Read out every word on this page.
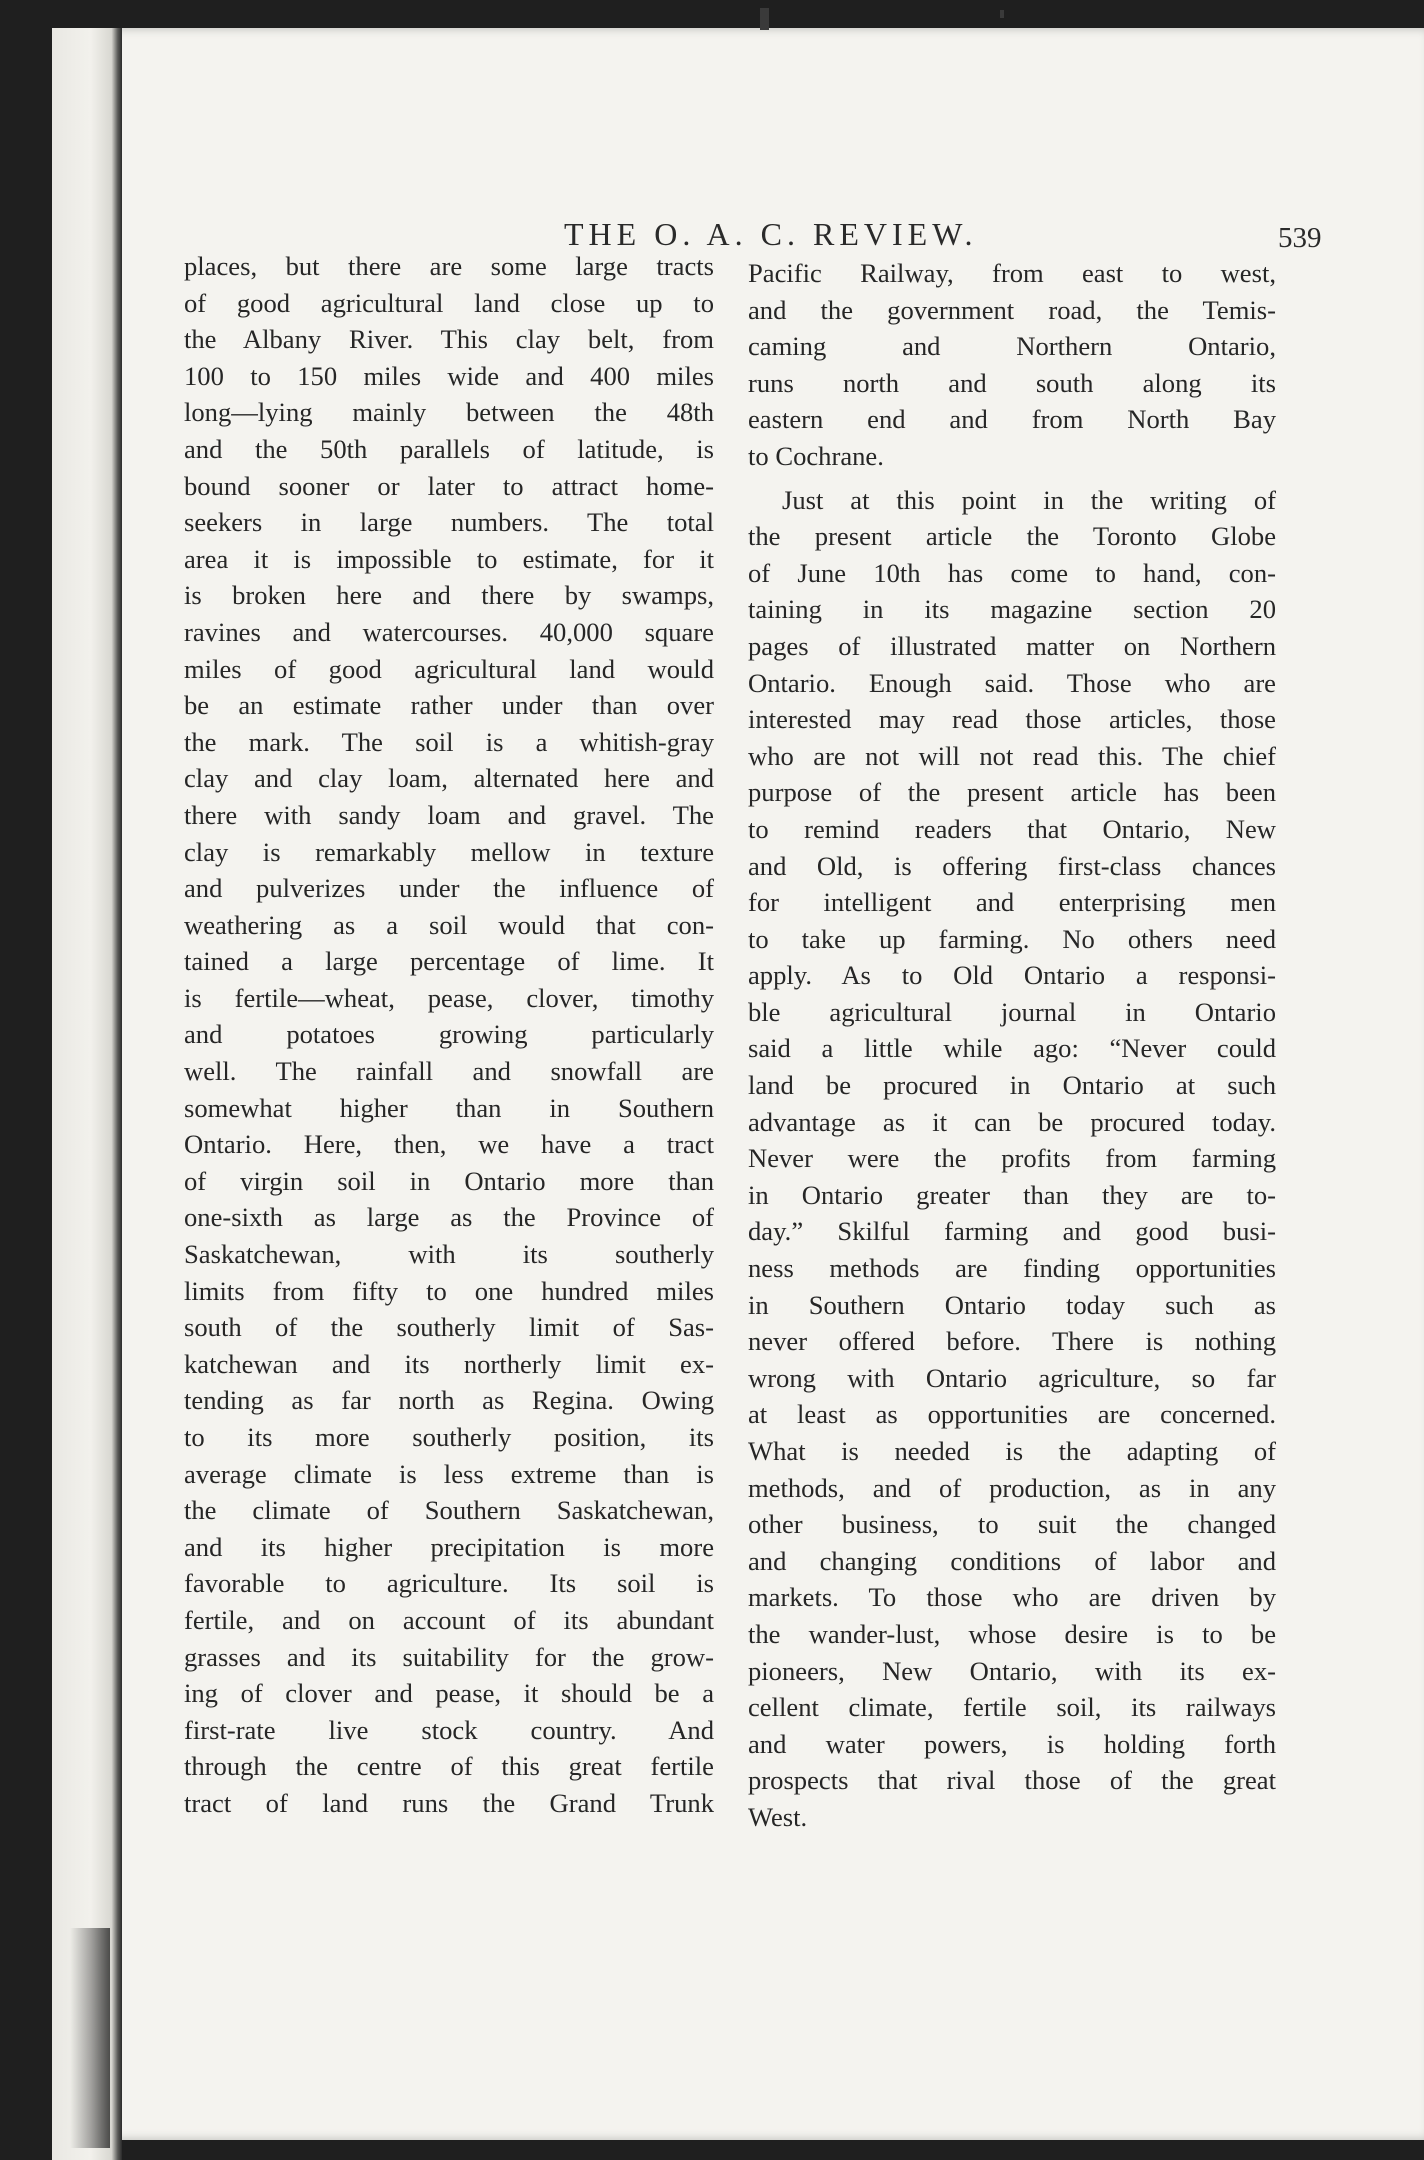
THE O. A. C. REVIEW.	539
places, but there are some large tracts
of good agricultural land close up to
the Albany River. This clay belt, from
100 to 150 miles wide and 400 miles
long—lying mainly between the 48th
and the 50th parallels of latitude, is
bound sooner or later to attract home-
seekers in large numbers. The total
area it is impossible to estimate, for it
is broken here and there by swamps,
ravines and watercourses. 40,000 square
miles of good agricultural land would
be an estimate rather under than over
the mark. The soil is a whitish-gray
clay and clay loam, alternated here and
there with sandy loam and gravel. The
clay is remarkably mellow in texture
and pulverizes under the influence of
weathering as a soil would that con-
tained a large percentage of lime. It
is fertile—wheat, pease, clover, timothy
and potatoes growing particularly
well. The rainfall and snowfall are
somewhat higher than in Southern
Ontario. Here, then, we have a tract
of virgin soil in Ontario more than
one-sixth as large as the Province of
Saskatchewan, with its southerly
limits from fifty to one hundred miles
south of the southerly limit of Sas-
katchewan and its northerly limit ex-
tending as far north as Regina. Owing
to its more southerly position, its
average climate is less extreme than is
the climate of Southern Saskatchewan,
and its higher precipitation is more
favorable to agriculture. Its soil is
fertile, and on account of its abundant
grasses and its suitability for the grow-
ing of clover and pease, it should be a
first-rate live stock country. And
through the centre of this great fertile
tract of land runs the Grand Trunk
Pacific Railway, from east to west,
and the government road, the Temis-
caming and Northern Ontario,
runs north and south along its
eastern end and from North Bay
to Cochrane.
Just at this point in the writing of
the present article the Toronto Globe
of June 10th has come to hand, con-
taining in its magazine section 20
pages of illustrated matter on Northern
Ontario. Enough said. Those who are
interested may read those articles, those
who are not will not read this. The chief
purpose of the present article has been
to remind readers that Ontario, New
and Old, is offering first-class chances
for intelligent and enterprising men
to take up farming. No others need
apply. As to Old Ontario a responsi-
ble agricultural journal in Ontario
said a little while ago: “Never could
land be procured in Ontario at such
advantage as it can be procured today.
Never were the profits from farming
in Ontario greater than they are to-
day.” Skilful farming and good busi-
ness methods are finding opportunities
in Southern Ontario today such as
never offered before. There is nothing
wrong with Ontario agriculture, so far
at least as opportunities are concerned.
What is needed is the adapting of
methods, and of production, as in any
other business, to suit the changed
and changing conditions of labor and
markets. To those who are driven by
the wander-lust, whose desire is to be
pioneers, New Ontario, with its ex-
cellent climate, fertile soil, its railways
and water powers, is holding forth
prospects that rival those of the great
West.
